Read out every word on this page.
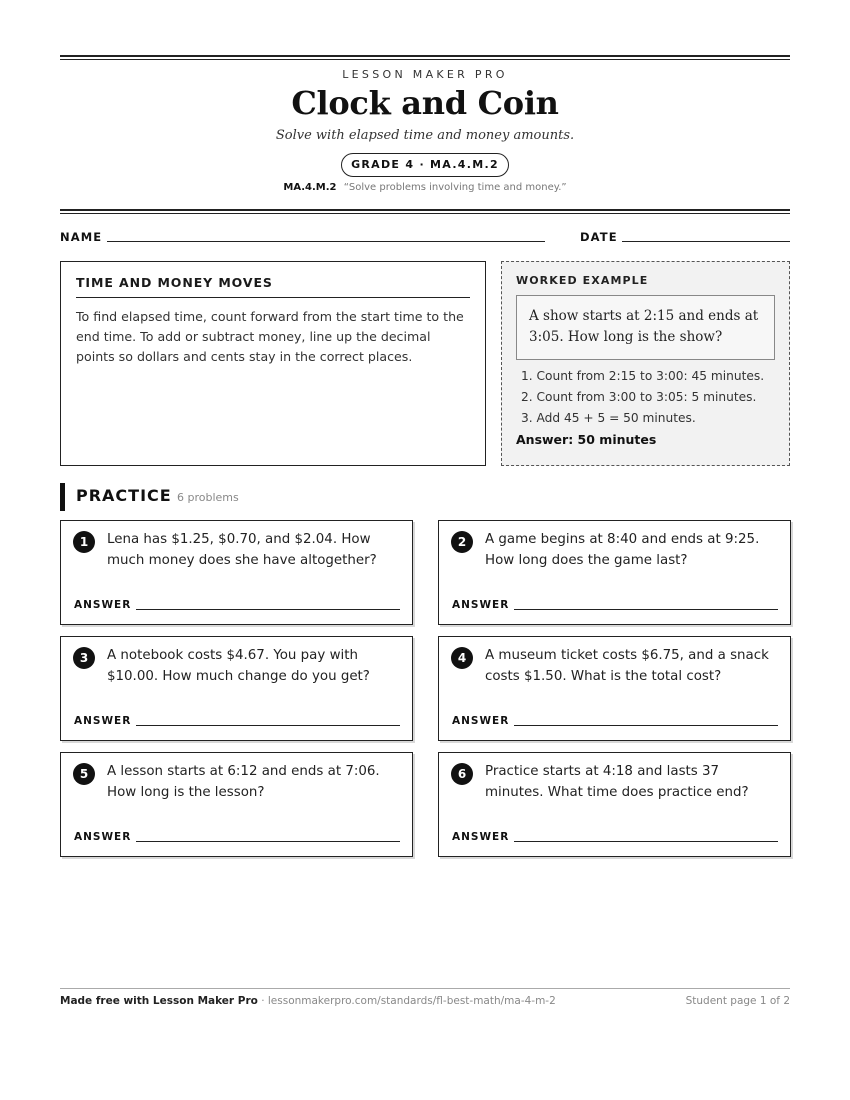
LESSON MAKER PRO
Clock and Coin
Solve with elapsed time and money amounts.
GRADE 4 · MA.4.M.2
MA.4.M.2 “Solve problems involving time and money.”
NAME	DATE
TIME AND MONEY MOVES
To find elapsed time, count forward from the start time to the end time. To add or subtract money, line up the decimal points so dollars and cents stay in the correct places.
WORKED EXAMPLE
A show starts at 2:15 and ends at 3:05. How long is the show?
1. Count from 2:15 to 3:00: 45 minutes.
2. Count from 3:00 to 3:05: 5 minutes.
3. Add 45 + 5 = 50 minutes.
Answer: 50 minutes
PRACTICE 6 problems
1	Lena has $1.25, $0.70, and $2.04. How much money does she have altogether?
ANSWER
2	A game begins at 8:40 and ends at 9:25. How long does the game last?
ANSWER
3	A notebook costs $4.67. You pay with $10.00. How much change do you get?
ANSWER
4	A museum ticket costs $6.75, and a snack costs $1.50. What is the total cost?
ANSWER
5	A lesson starts at 6:12 and ends at 7:06. How long is the lesson?
ANSWER
6	Practice starts at 4:18 and lasts 37 minutes. What time does practice end?
ANSWER
Made free with Lesson Maker Pro · lessonmakerpro.com/standards/fl-best-math/ma-4-m-2	Student page 1 of 2
